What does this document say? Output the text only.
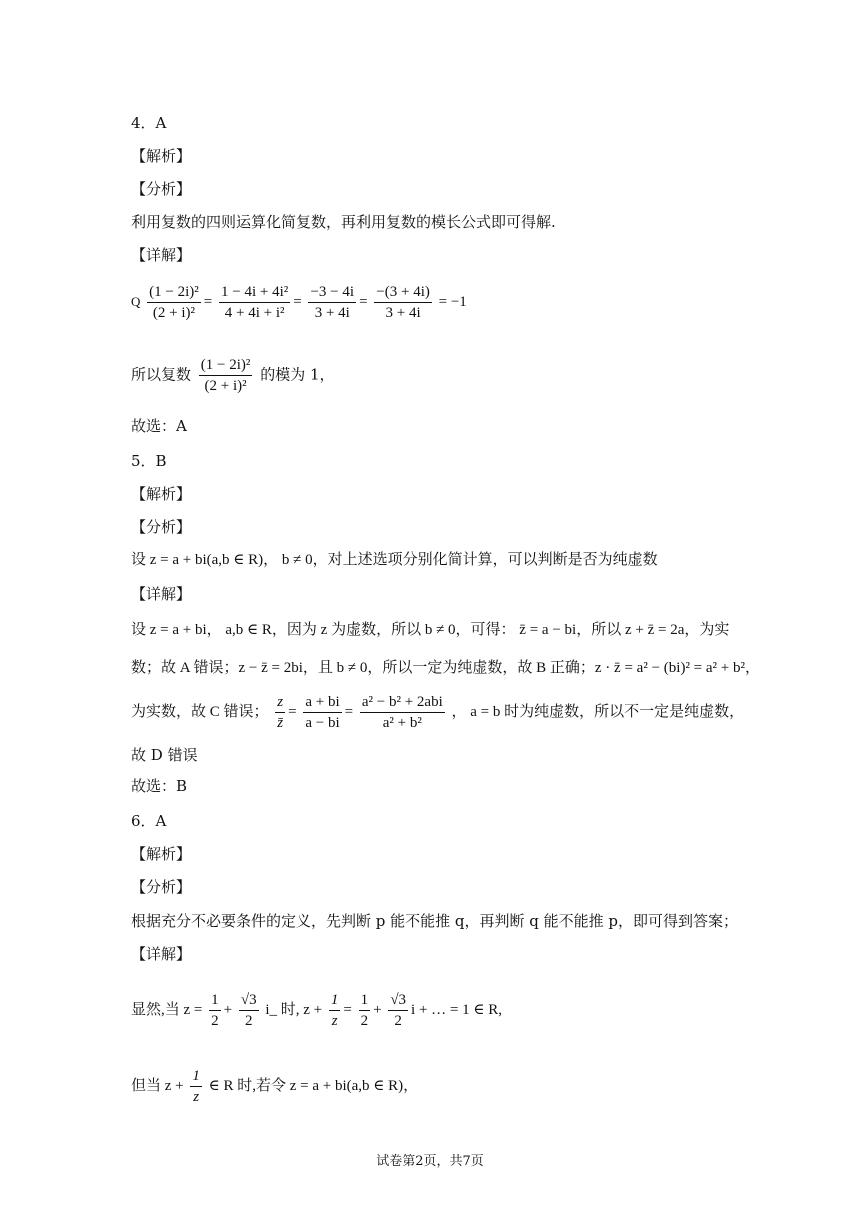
4．A
【解析】
【分析】
利用复数的四则运算化简复数，再利用复数的模长公式即可得解.
【详解】
Q $\frac{\text{(1 − 2i)²}}{\text{(2 + i)²}} = \frac{\text{1 − 4i + 4i²}}{\text{4 + 4i + i²}} = \frac{-3 - 4i}{3 + 4i} = \frac{-(3 + 4i)}{3 + 4i} = -1$
所以复数 $\frac{\text{(1 − 2i)²}}{\text{(2 + i)²}}$ 的模为 1，
故选：A
5．B
【解析】
【分析】
设 z = a + bi(a,b ∈ R)， b ≠ 0，对上述选项分别化简计算，可以判断是否为纯虚数
【详解】
设 z = a + bi， a,b ∈ R，因为 z 为虚数，所以 b ≠ 0，可得： z̄ = a − bi，所以 z + z̄ = 2a，为实
数；故 A 错误；z − z̄ = 2bi，且 b ≠ 0，所以一定为纯虚数，故 B 正确；z · z̄ = a² − (bi)² = a² + b²，
为实数，故 C 错误； $\frac{z}{z̄} = \frac{a + bi}{a - bi} = \frac{\text{a² − b² + 2abi}}{\text{a² + b²}}$ ， a = b 时为纯虚数，所以不一定是纯虚数，
故 D 错误
故选：B
6．A
【解析】
【分析】
根据充分不必要条件的定义，先判断 p 能不能推 q，再判断 q 能不能推 p，即可得到答案；
【详解】
显然,当 $z = \frac{1}{2} + \frac{√3}{2}$ i_ 时, $z + \frac{1}{z} = \frac{1}{2} + \frac{√3}{2}$ i + … = 1 ∈ R,
但当 $z + \frac{1}{z}$ ∈ R 时,若令 z = a + bi(a,b ∈ R)，
试卷第2页，共7页
